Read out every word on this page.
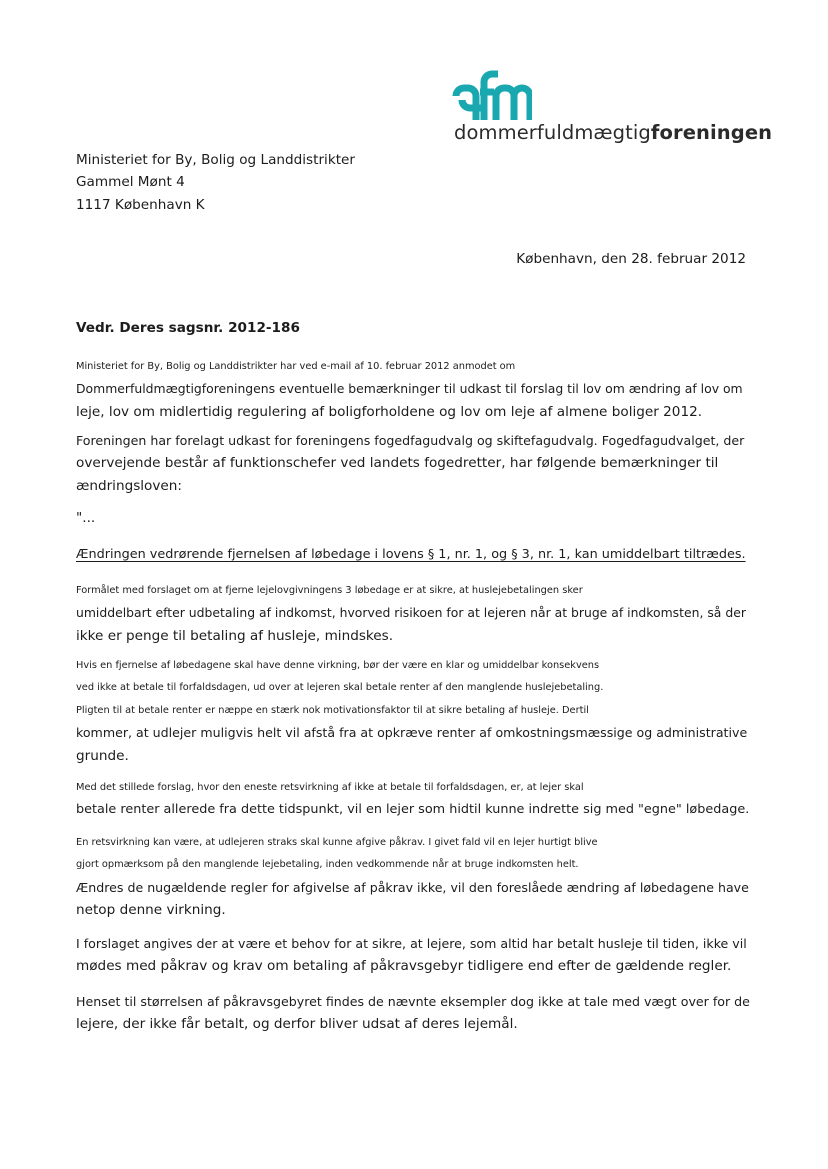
dommerfuldmægtigforeningen
Ministeriet for By, Bolig og Landdistrikter
Gammel Mønt 4
1117 København K
København, den 28. februar 2012
Vedr. Deres sagsnr. 2012-186
Ministeriet for By, Bolig og Landdistrikter har ved e-mail af 10. februar 2012 anmodet om
Dommerfuldmægtigforeningens eventuelle bemærkninger til udkast til forslag til lov om ændring af lov om
leje, lov om midlertidig regulering af boligforholdene og lov om leje af almene boliger 2012.
Foreningen har forelagt udkast for foreningens fogedfagudvalg og skiftefagudvalg. Fogedfagudvalget, der
overvejende består af funktionschefer ved landets fogedretter, har følgende bemærkninger til
ændringsloven:
"...
Ændringen vedrørende fjernelsen af løbedage i lovens § 1, nr. 1, og § 3, nr. 1, kan umiddelbart tiltrædes.
Formålet med forslaget om at fjerne lejelovgivningens 3 løbedage er at sikre, at huslejebetalingen sker
umiddelbart efter udbetaling af indkomst, hvorved risikoen for at lejeren når at bruge af indkomsten, så der
ikke er penge til betaling af husleje, mindskes.
Hvis en fjernelse af løbedagene skal have denne virkning, bør der være en klar og umiddelbar konsekvens
ved ikke at betale til forfaldsdagen, ud over at lejeren skal betale renter af den manglende huslejebetaling.
Pligten til at betale renter er næppe en stærk nok motivationsfaktor til at sikre betaling af husleje. Dertil
kommer, at udlejer muligvis helt vil afstå fra at opkræve renter af omkostningsmæssige og administrative
grunde.
Med det stillede forslag, hvor den eneste retsvirkning af ikke at betale til forfaldsdagen, er, at lejer skal
betale renter allerede fra dette tidspunkt, vil en lejer som hidtil kunne indrette sig med "egne" løbedage.
En retsvirkning kan være, at udlejeren straks skal kunne afgive påkrav. I givet fald vil en lejer hurtigt blive
gjort opmærksom på den manglende lejebetaling, inden vedkommende når at bruge indkomsten helt.
Ændres de nugældende regler for afgivelse af påkrav ikke, vil den foreslåede ændring af løbedagene have
netop denne virkning.
I forslaget angives der at være et behov for at sikre, at lejere, som altid har betalt husleje til tiden, ikke vil
mødes med påkrav og krav om betaling af påkravsgebyr tidligere end efter de gældende regler.
Henset til størrelsen af påkravsgebyret findes de nævnte eksempler dog ikke at tale med vægt over for de
lejere, der ikke får betalt, og derfor bliver udsat af deres lejemål.
